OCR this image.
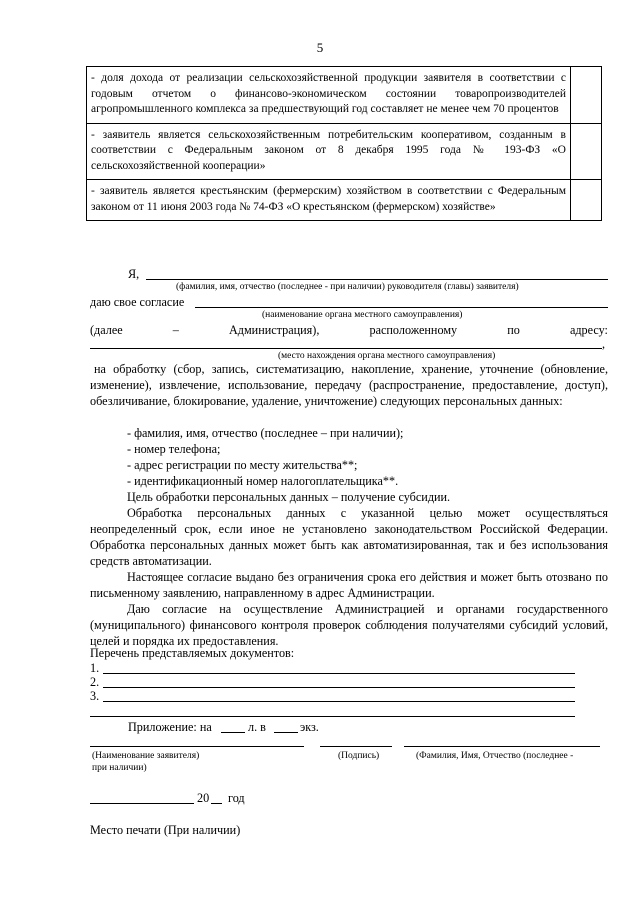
5
- доля дохода от реализации сельскохозяйственной продукции заявителя в соответствии с годовым отчетом о финансово-экономическом состоянии товаропроизводителей агропромышленного комплекса за предшествующий год составляет не менее чем 70 процентов	
- заявитель является сельскохозяйственным потребительским кооперативом, созданным в соответствии с Федеральным законом от 8 декабря 1995 года № 193-ФЗ «О сельскохозяйственной кооперации»	
- заявитель является крестьянским (фермерским) хозяйством в соответствии с Федеральным законом от 11 июня 2003 года № 74-ФЗ «О крестьянском (фермерском) хозяйстве»	
Я,
(фамилия, имя, отчество (последнее - при наличии) руководителя (главы) заявителя)
даю свое согласие
(наименование органа местного самоуправления)
(далее	–	Администрация),	расположенному	по	адресу:
,
(место нахождения органа местного самоуправления)
на обработку (сбор, запись, систематизацию, накопление, хранение, уточнение (обновление, изменение), извлечение, использование, передачу (распространение, предоставление, доступ), обезличивание, блокирование, удаление, уничтожение) следующих персональных данных:
- фамилия, имя, отчество (последнее – при наличии);
- номер телефона;
- адрес регистрации по месту жительства**;
- идентификационный номер налогоплательщика**.
Цель обработки персональных данных – получение субсидии.
Обработка персональных данных с указанной целью может осуществляться неопределенный срок, если иное не установлено законодательством Российской Федерации. Обработка персональных данных может быть как автоматизированная, так и без использования средств автоматизации.
Настоящее согласие выдано без ограничения срока его действия и может быть отозвано по письменному заявлению, направленному в адрес Администрации.
Даю согласие на осуществление Администрацией и органами государственного (муниципального) финансового контроля проверок соблюдения получателями субсидий условий, целей и порядка их предоставления.
Перечень представляемых документов:
1.
2.
3.
Приложение: на	л. в	экз.
(Наименование заявителя)	(Подпись)	(Фамилия, Имя, Отчество (последнее -
при наличии)
20 год
Место печати (При наличии)
